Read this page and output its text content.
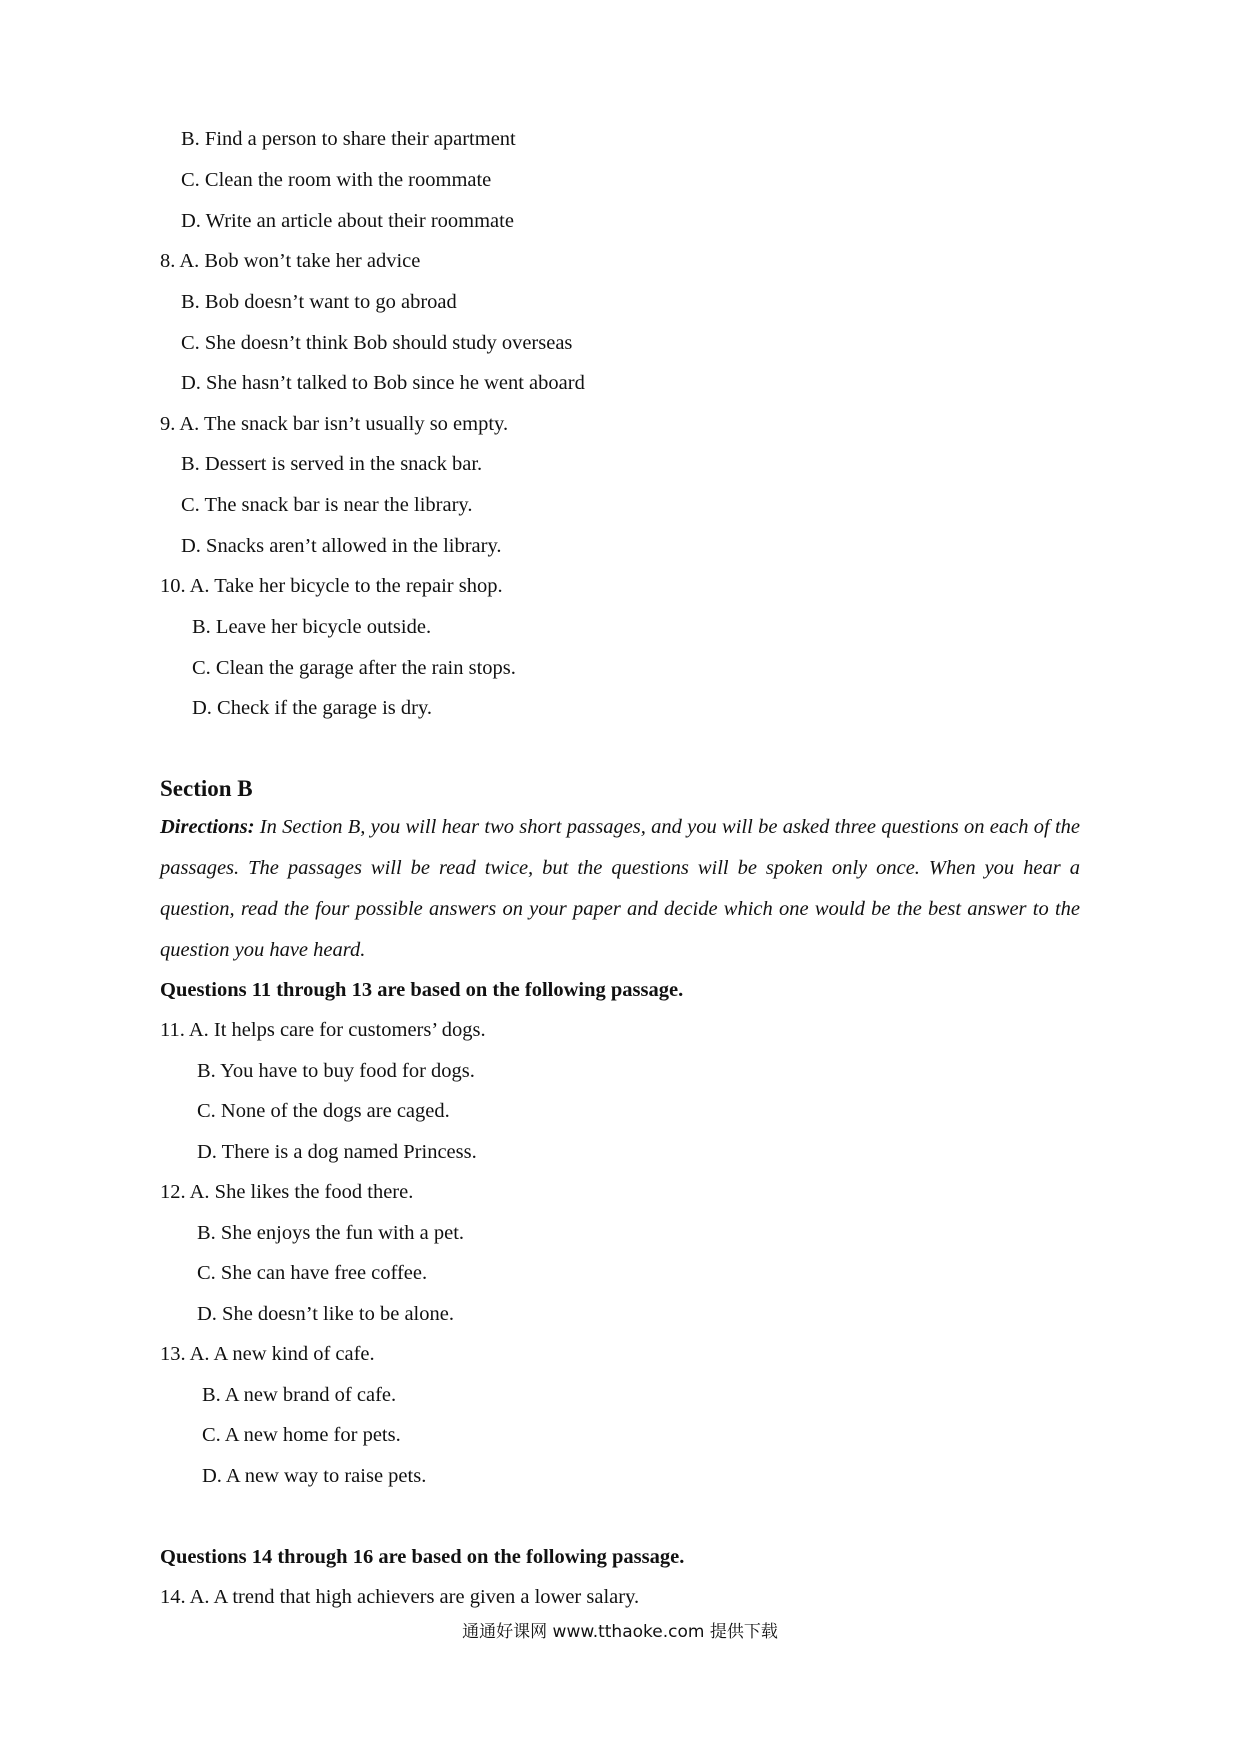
B. Find a person to share their apartment
C. Clean the room with the roommate
D. Write an article about their roommate
8. A. Bob won’t take her advice
B. Bob doesn’t want to go abroad
C. She doesn’t think Bob should study overseas
D. She hasn’t talked to Bob since he went aboard
9. A. The snack bar isn’t usually so empty.
B. Dessert is served in the snack bar.
C. The snack bar is near the library.
D. Snacks aren’t allowed in the library.
10. A. Take her bicycle to the repair shop.
B. Leave her bicycle outside.
C. Clean the garage after the rain stops.
D. Check if the garage is dry.
Section B
Directions: In Section B, you will hear two short passages, and you will be asked three questions on each of the passages. The passages will be read twice, but the questions will be spoken only once. When you hear a question, read the four possible answers on your paper and decide which one would be the best answer to the question you have heard.
Questions 11 through 13 are based on the following passage.
11. A. It helps care for customers’ dogs.
B. You have to buy food for dogs.
C. None of the dogs are caged.
D. There is a dog named Princess.
12. A. She likes the food there.
B. She enjoys the fun with a pet.
C. She can have free coffee.
D. She doesn’t like to be alone.
13. A. A new kind of cafe.
B. A new brand of cafe.
C. A new home for pets.
D. A new way to raise pets.
Questions 14 through 16 are based on the following passage.
14. A. A trend that high achievers are given a lower salary.
通通好课网 www.tthaoke.com 提供下载
